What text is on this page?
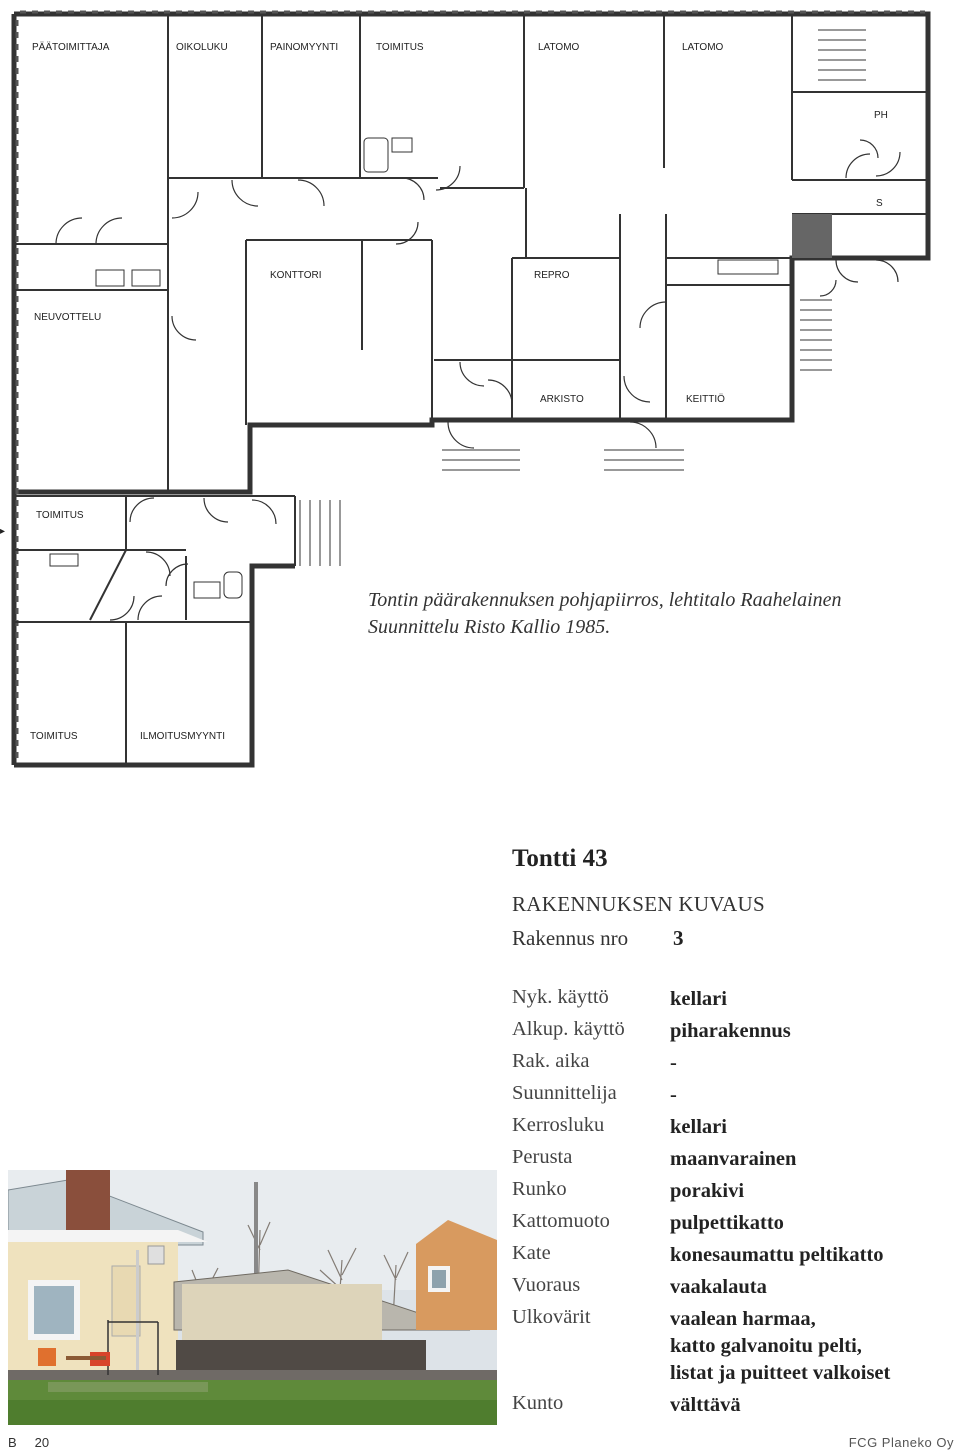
PÄÄTOIMITTAJA	OIKOLUKU	PAINOMYYNTI	TOIMITUS	LATOMO	LATOMO
PH
S
NEUVOTTELU
KONTTORI	REPRO
ARKISTO	KEITTIÖ
TOIMITUS
TOIMITUS	ILMOITUSMYYNTI
▸
Tontin päärakennuksen pohjapiirros, lehtitalo Raahelainen
Suunnittelu Risto Kallio 1985.
Tontti 43
RAKENNUKSEN KUVAUS
Rakennus nro 3
Nyk. käyttö	kellari
Alkup. käyttö piharakennus
Rak. aika	-
Suunnittelija	-
Kerrosluku	kellari
Perusta	maanvarainen
Runko	porakivi
Kattomuoto	pulpettikatto
Kate	konesaumattu peltikatto
Vuoraus	vaakalauta
Ulkovärit	vaalean harmaa,
katto galvanoitu pelti,
listat ja puitteet valkoiset
Kunto	välttävä
B 20	FCG Planeko Oy
